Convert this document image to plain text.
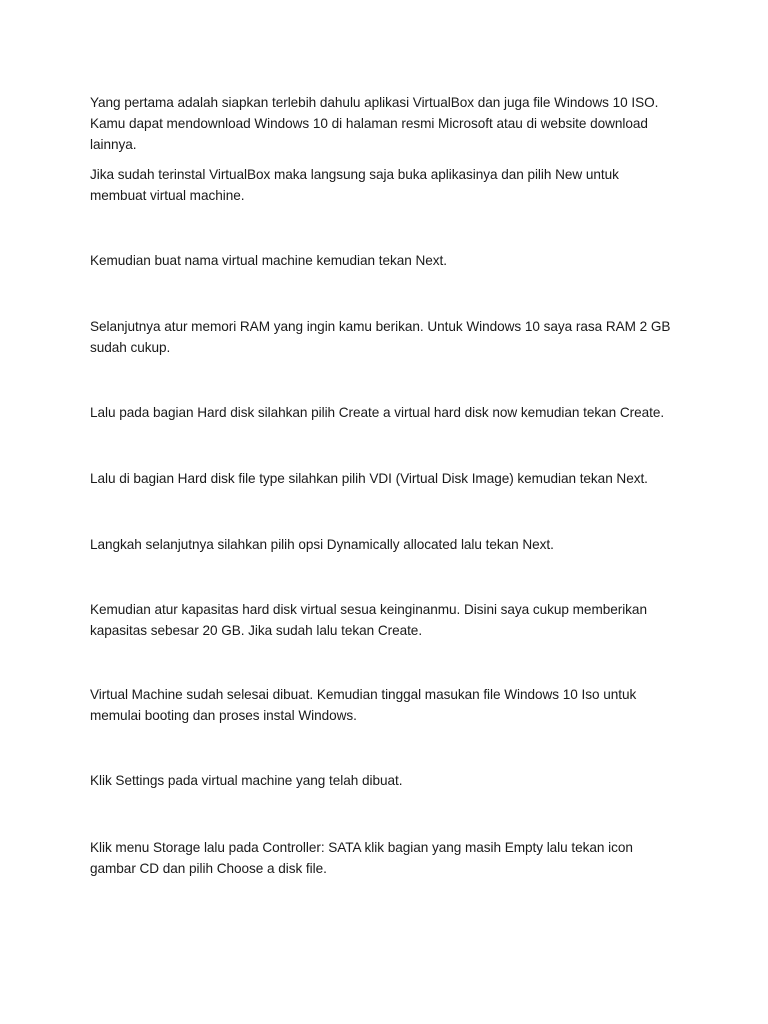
Yang pertama adalah siapkan terlebih dahulu aplikasi VirtualBox dan juga file Windows 10 ISO.
Kamu dapat mendownload Windows 10 di halaman resmi Microsoft atau di website download
lainnya.

Jika sudah terinstal VirtualBox maka langsung saja buka aplikasinya dan pilih New untuk
membuat virtual machine.

Kemudian buat nama virtual machine kemudian tekan Next.

Selanjutnya atur memori RAM yang ingin kamu berikan. Untuk Windows 10 saya rasa RAM 2 GB
sudah cukup.

Lalu pada bagian Hard disk silahkan pilih Create a virtual hard disk now kemudian tekan Create.

Lalu di bagian Hard disk file type silahkan pilih VDI (Virtual Disk Image) kemudian tekan Next.

Langkah selanjutnya silahkan pilih opsi Dynamically allocated lalu tekan Next.

Kemudian atur kapasitas hard disk virtual sesua keinginanmu. Disini saya cukup memberikan
kapasitas sebesar 20 GB. Jika sudah lalu tekan Create.

Virtual Machine sudah selesai dibuat. Kemudian tinggal masukan file Windows 10 Iso untuk
memulai booting dan proses instal Windows.

Klik Settings pada virtual machine yang telah dibuat.

Klik menu Storage lalu pada Controller: SATA klik bagian yang masih Empty lalu tekan icon
gambar CD dan pilih Choose a disk file.
